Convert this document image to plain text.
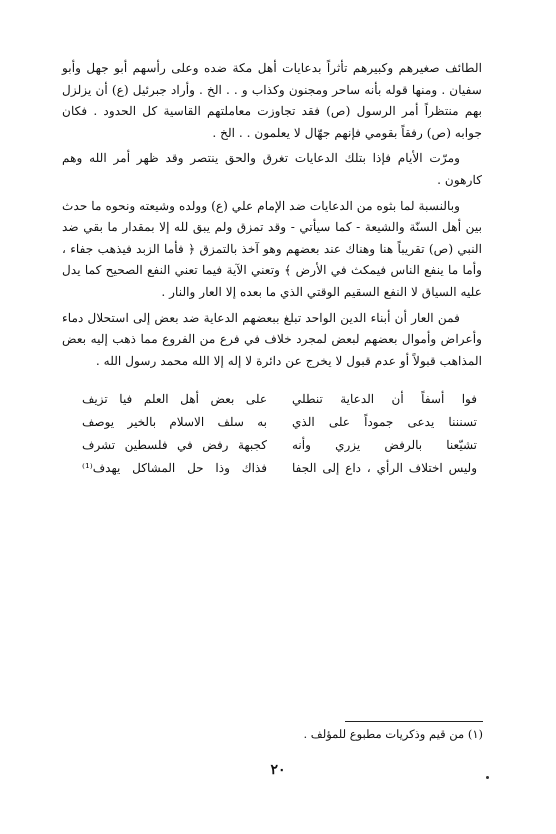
الطائف صغيرهم وكبيرهم تأثراً بدعايات أهل مكة ضده وعلى رأسهم أبو جهل وأبو سفيان . ومنها قوله بأنه ساحر ومجنون وكذاب و . . الخ . وأراد جبرئيل (ع) أن يزلزل بهم منتظراً أمر الرسول (ص) فقد تجاوزت معاملتهم القاسية كل الحدود . فكان جوابه (ص) رفقاً بقومي فإنهم جهّال لا يعلمون . . الخ .

ومرّت الأيام فإذا بتلك الدعايات تغرق والحق ينتصر وقد ظهر أمر الله وهم كارهون .

وبالنسبة لما بثوه من الدعايات ضد الإمام علي (ع) وولده وشيعته ونحوه ما حدث بين أهل السنّة والشيعة - كما سيأتي - وقد تمزق ولم يبق لله إلا بمقدار ما بقي ضد النبي (ص) تقريباً هنا وهناك عند بعضهم وهو آخذ بالتمزق ﴿ فأما الزبد فيذهب جفاء ، وأما ما ينفع الناس فيمكث في الأرض ﴾ وتعني الآية فيما تعني النفع الصحيح كما يدل عليه السياق لا النفع السقيم الوقتي الذي ما بعده إلا العار والنار .

فمن العار أن أبناء الدين الواحد تبلغ ببعضهم الدعاية ضد بعض إلى استحلال دماء وأعراض وأموال بعضهم لبعض لمجرد خلاف في فرع من الفروع مما ذهب إليه بعض المذاهب قبولاً أو عدم قبول لا يخرج عن دائرة لا إله إلا الله محمد رسول الله .

فوا أسفاً أن الدعاية تنطلي
على بعض أهل العلم فيا تزيف
تسنننا يدعى جموداً على الذي
به سلف الاسلام بالخير يوصف
تشيّعنا بالرفض يزري وأنه
كجبهة رفض في فلسطين تشرف
وليس اختلاف الرأي ، داع إلى الجفا
فذاك وذا حل المشاكل يهدف⁽¹⁾
(١) من قيم وذكريات مطبوع للمؤلف .
٢٠
